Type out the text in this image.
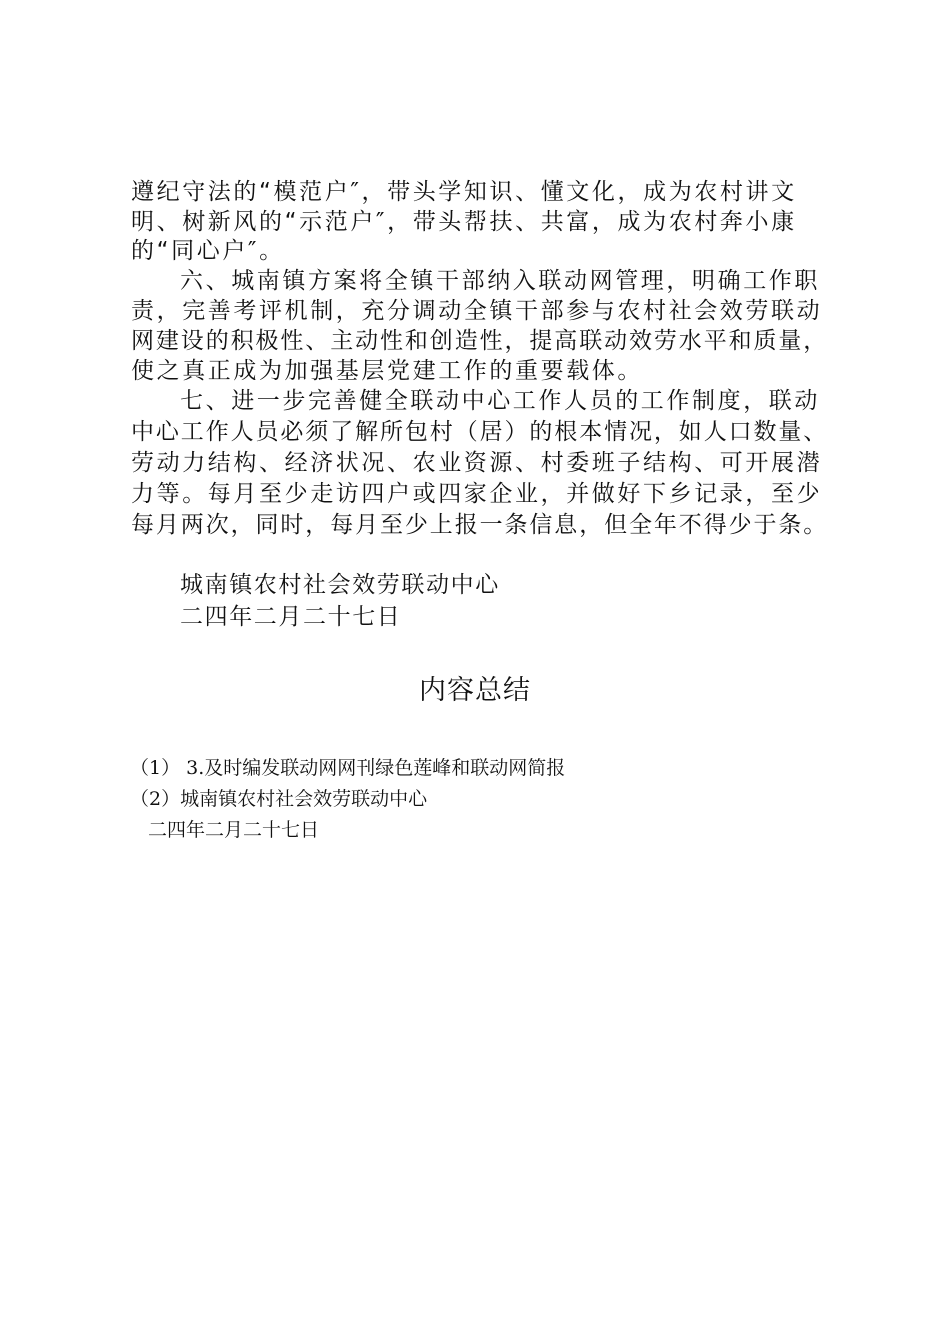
遵纪守法的“模范户″，带头学知识、懂文化，成为农村讲文
明、树新风的“示范户″，带头帮扶、共富，成为农村奔小康
的“同心户″。
六、城南镇方案将全镇干部纳入联动网管理，明确工作职
责，完善考评机制，充分调动全镇干部参与农村社会效劳联动
网建设的积极性、主动性和创造性，提高联动效劳水平和质量，
使之真正成为加强基层党建工作的重要载体。
七、进一步完善健全联动中心工作人员的工作制度，联动
中心工作人员必须了解所包村（居）的根本情况，如人口数量、
劳动力结构、经济状况、农业资源、村委班子结构、可开展潜
力等。每月至少走访四户或四家企业，并做好下乡记录，至少
每月两次，同时，每月至少上报一条信息，但全年不得少于条。
城南镇农村社会效劳联动中心
二四年二月二十七日
内容总结
（1） 3.及时编发联动网网刊绿色莲峰和联动网简报
（2）城南镇农村社会效劳联动中心
二四年二月二十七日
